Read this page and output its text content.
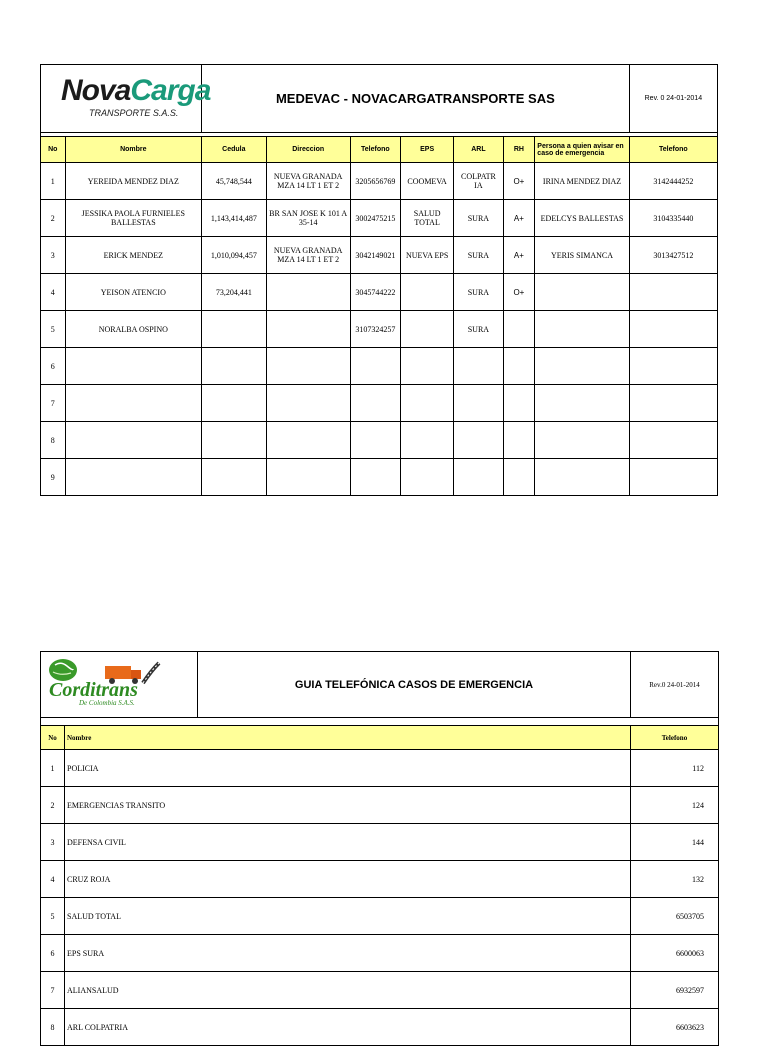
NovaCarga
TRANSPORTE S.A.S.		MEDEVAC - NOVACARGATRANSPORTE SAS							Rev. 0 24-01-2014

No	Nombre	Cedula	Direccion	Telefono	EPS	ARL	RH	Persona a quien avisar en caso de emergencia	Telefono
1	YEREIDA MENDEZ DIAZ	45,748,544	NUEVA GRANADA MZA 14 LT 1 ET 2	3205656769	COOMEVA	COLPATR IA	O+	IRINA MENDEZ DIAZ	3142444252
2	JESSIKA PAOLA FURNIELES BALLESTAS	1,143,414,487	BR SAN JOSE K 101 A 35-14	3002475215	SALUD TOTAL	SURA	A+	EDELCYS BALLESTAS	3104335440
3	ERICK MENDEZ	1,010,094,457	NUEVA GRANADA MZA 14 LT 1 ET 2	3042149021	NUEVA EPS	SURA	A+	YERIS SIMANCA	3013427512
4	YEISON ATENCIO	73,204,441		3045744222		SURA	O+		
5	NORALBA OSPINO			3107324257		SURA			
6									
7									
8									
9									
Corditrans
De Colombia S.A.S.		GUIA TELEFÓNICA CASOS DE EMERGENCIA	Rev.0 24-01-2014

No	Nombre		Telefono
1	POLICIA		112
2	EMERGENCIAS TRANSITO		124
3	DEFENSA CIVIL		144
4	CRUZ ROJA		132
5	SALUD TOTAL		6503705
6	EPS SURA		6600063
7	ALIANSALUD		6932597
8	ARL COLPATRIA		6603623
